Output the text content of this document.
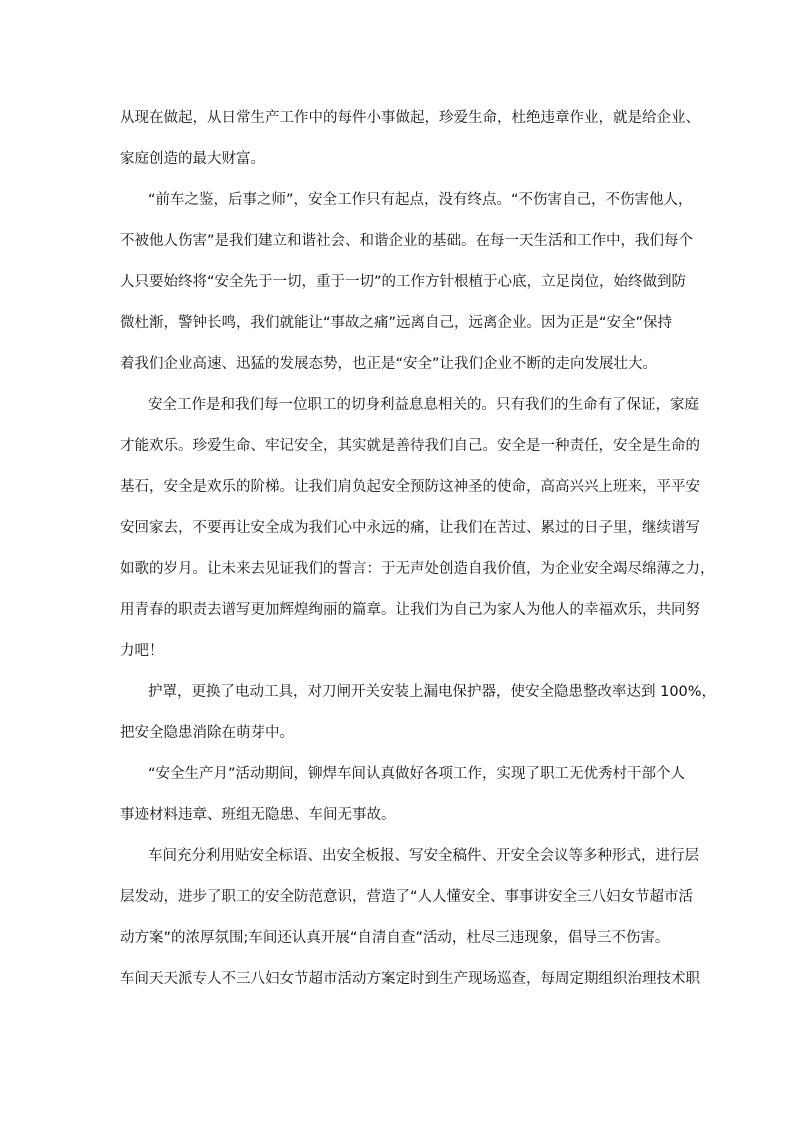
从现在做起，从日常生产工作中的每件小事做起，珍爱生命，杜绝违章作业，就是给企业、
家庭创造的最大财富。
“前车之鉴，后事之师”，安全工作只有起点，没有终点。“不伤害自己，不伤害他人，
不被他人伤害”是我们建立和谐社会、和谐企业的基础。在每一天生活和工作中，我们每个
人只要始终将“安全先于一切，重于一切”的工作方针根植于心底，立足岗位，始终做到防
微杜渐，警钟长鸣，我们就能让“事故之痛”远离自己，远离企业。因为正是“安全”保持
着我们企业高速、迅猛的发展态势，也正是“安全”让我们企业不断的走向发展壮大。
安全工作是和我们每一位职工的切身利益息息相关的。只有我们的生命有了保证，家庭
才能欢乐。珍爱生命、牢记安全，其实就是善待我们自己。安全是一种责任，安全是生命的
基石，安全是欢乐的阶梯。让我们肩负起安全预防这神圣的使命，高高兴兴上班来，平平安
安回家去，不要再让安全成为我们心中永远的痛，让我们在苦过、累过的日子里，继续谱写
如歌的岁月。让未来去见证我们的誓言：于无声处创造自我价值，为企业安全竭尽绵薄之力，
用青春的职责去谱写更加辉煌绚丽的篇章。让我们为自己为家人为他人的幸福欢乐，共同努
力吧！
护罩，更换了电动工具，对刀闸开关安装上漏电保护器，使安全隐患整改率达到 100%，
把安全隐患消除在萌芽中。
“安全生产月”活动期间，铆焊车间认真做好各项工作，实现了职工无优秀村干部个人
事迹材料违章、班组无隐患、车间无事故。
车间充分利用贴安全标语、出安全板报、写安全稿件、开安全会议等多种形式，进行层
层发动，进步了职工的安全防范意识，营造了“人人懂安全、事事讲安全三八妇女节超市活
动方案”的浓厚氛围;车间还认真开展“自清自查”活动，杜尽三违现象，倡导三不伤害。
车间天天派专人不三八妇女节超市活动方案定时到生产现场巡查，每周定期组织治理技术职
